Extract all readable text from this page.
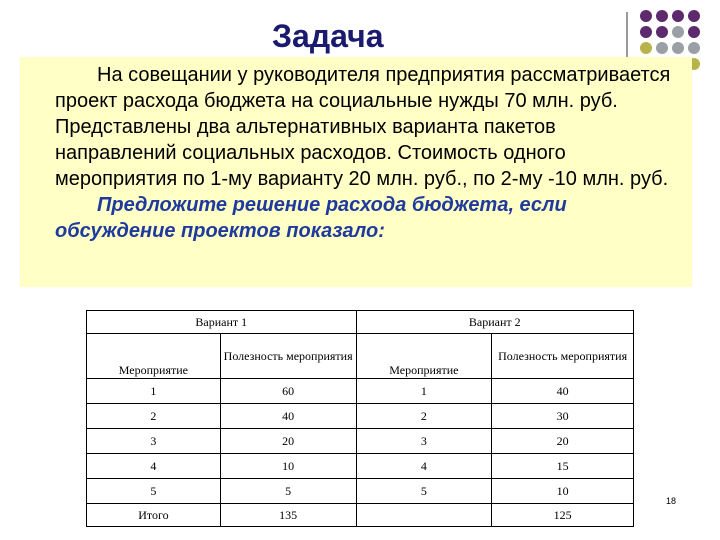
Задача

На совещании у руководителя предприятия рассматривается проект расхода бюджета на социальные нужды 70 млн. руб. Представлены два альтернативных варианта пакетов направлений социальных расходов. Стоимость одного мероприятия по 1-му варианту 20 млн. руб., по 2-му -10 млн. руб.

Предложите решение расхода бюджета, если обсуждение проектов показало:

Вариант 1		Вариант 2	
Мероприятие	Полезность мероприятия	Мероприятие	Полезность мероприятия
1	60	1	40
2	40	2	30
3	20	3	20
4	10	4	15
5	5	5	10
Итого	135		125
18
